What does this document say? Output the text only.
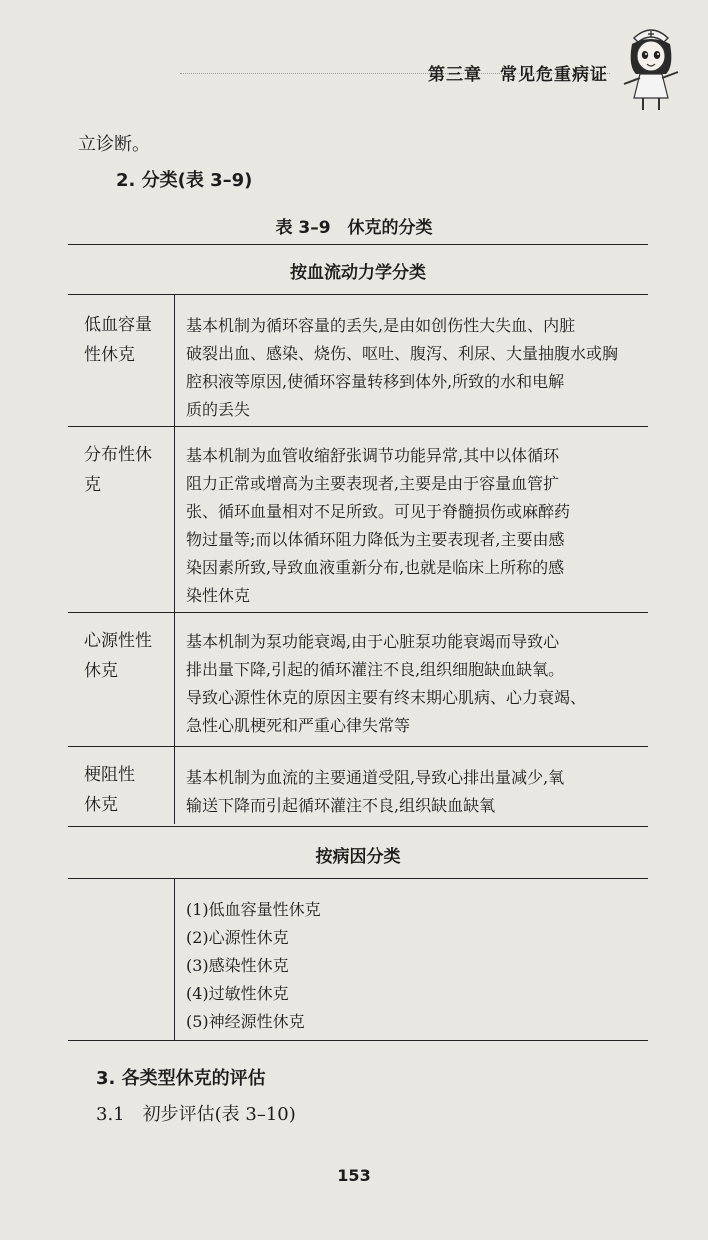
第三章　常见危重病证
立诊断。
2. 分类(表 3–9)
表 3–9　休克的分类
按血流动力学分类
低血容量
性休克
基本机制为循环容量的丢失,是由如创伤性大失血、内脏
破裂出血、感染、烧伤、呕吐、腹泻、利尿、大量抽腹水或胸
腔积液等原因,使循环容量转移到体外,所致的水和电解
质的丢失
分布性休
克
基本机制为血管收缩舒张调节功能异常,其中以体循环
阻力正常或增高为主要表现者,主要是由于容量血管扩
张、循环血量相对不足所致。可见于脊髓损伤或麻醉药
物过量等;而以体循环阻力降低为主要表现者,主要由感
染因素所致,导致血液重新分布,也就是临床上所称的感
染性休克
心源性性
休克
基本机制为泵功能衰竭,由于心脏泵功能衰竭而导致心
排出量下降,引起的循环灌注不良,组织细胞缺血缺氧。
导致心源性休克的原因主要有终末期心肌病、心力衰竭、
急性心肌梗死和严重心律失常等
梗阻性
休克
基本机制为血流的主要通道受阻,导致心排出量减少,氧
输送下降而引起循环灌注不良,组织缺血缺氧
按病因分类
(1)低血容量性休克
(2)心源性休克
(3)感染性休克
(4)过敏性休克
(5)神经源性休克
3. 各类型休克的评估
3.1　初步评估(表 3–10)
153
